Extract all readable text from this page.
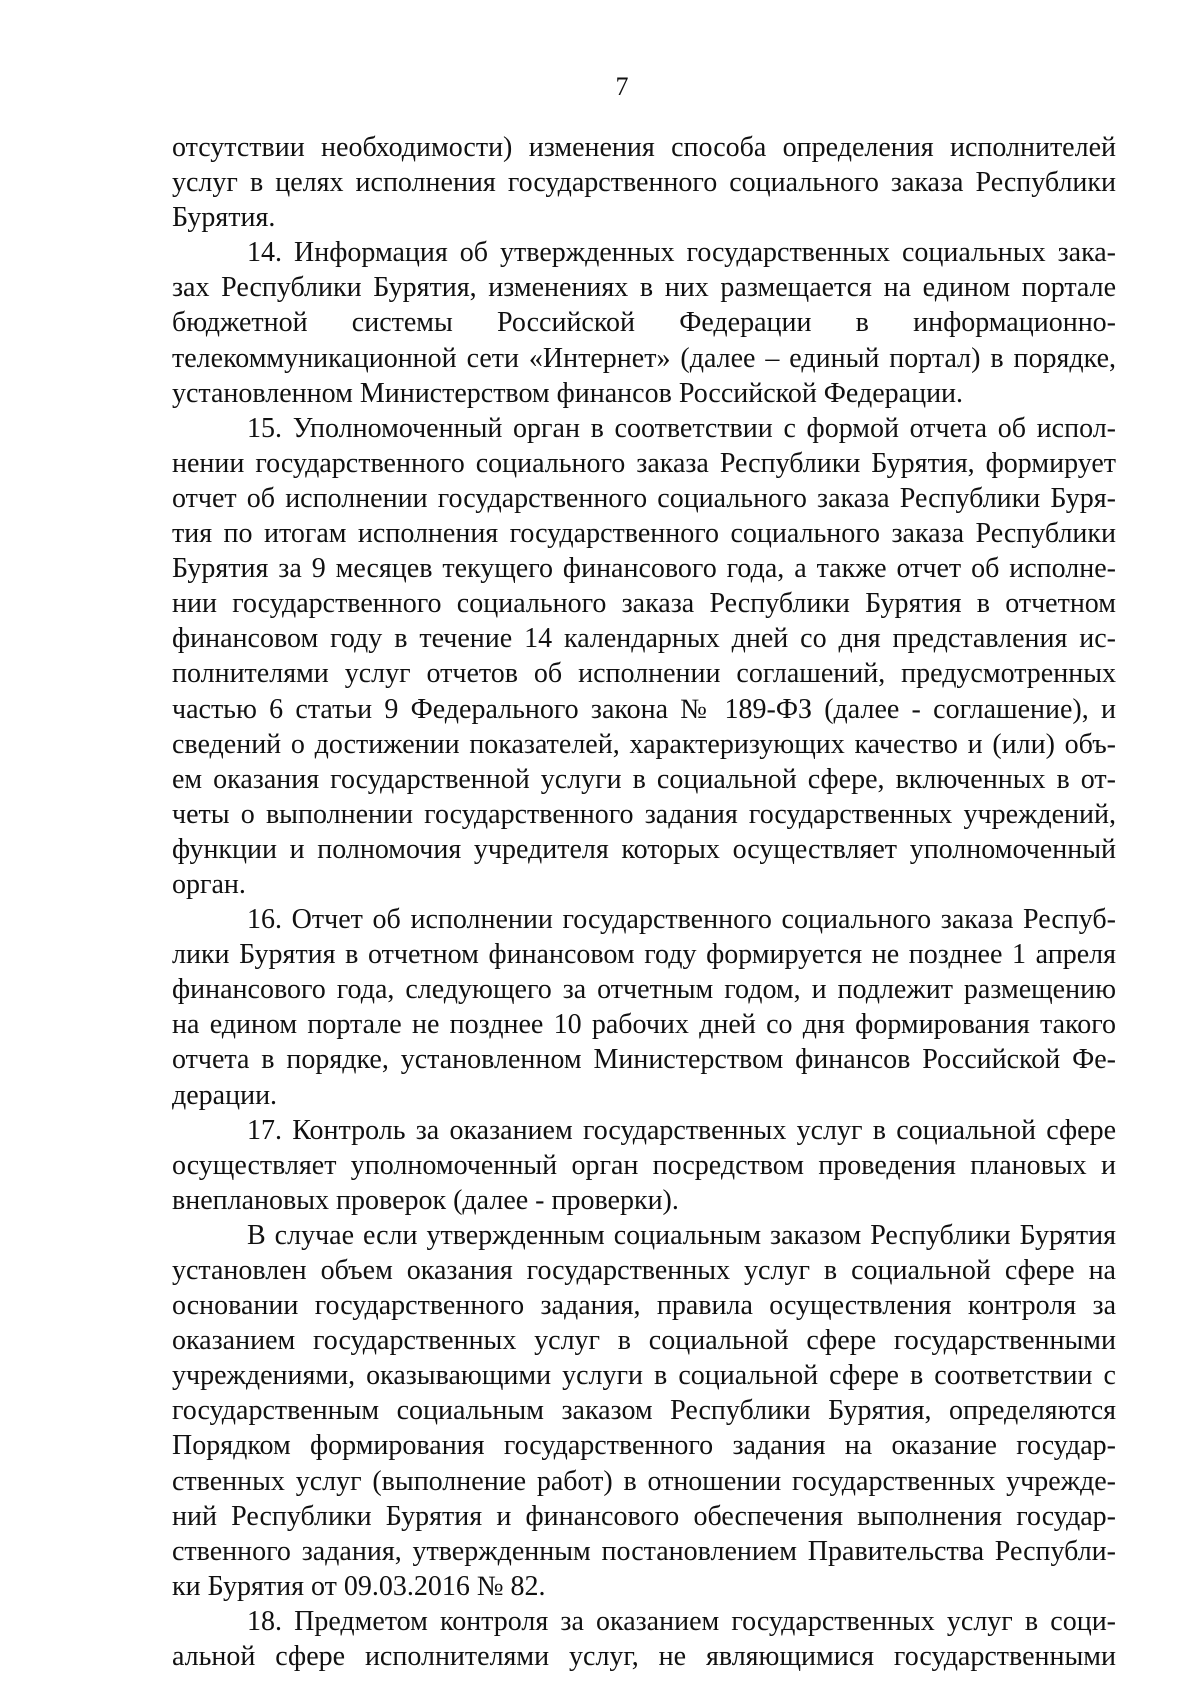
7
отсутствии необходимости) изменения способа определения исполнителей
услуг в целях исполнения государственного социального заказа Республики
Бурятия.
14. Информация об утвержденных государственных социальных зака-
зах Республики Бурятия, изменениях в них размещается на едином портале
бюджетной системы Российской Федерации в информационно-
телекоммуникационной сети «Интернет» (далее – единый портал) в порядке,
установленном Министерством финансов Российской Федерации.
15. Уполномоченный орган в соответствии с формой отчета об испол-
нении государственного социального заказа Республики Бурятия, формирует
отчет об исполнении государственного социального заказа Республики Буря-
тия по итогам исполнения государственного социального заказа Республики
Бурятия за 9 месяцев текущего финансового года, а также отчет об исполне-
нии государственного социального заказа Республики Бурятия в отчетном
финансовом году в течение 14 календарных дней со дня представления ис-
полнителями услуг отчетов об исполнении соглашений, предусмотренных
частью 6 статьи 9 Федерального закона № 189-ФЗ (далее - соглашение), и
сведений о достижении показателей, характеризующих качество и (или) объ-
ем оказания государственной услуги в социальной сфере, включенных в от-
четы о выполнении государственного задания государственных учреждений,
функции и полномочия учредителя которых осуществляет уполномоченный
орган.
16. Отчет об исполнении государственного социального заказа Респуб-
лики Бурятия в отчетном финансовом году формируется не позднее 1 апреля
финансового года, следующего за отчетным годом, и подлежит размещению
на едином портале не позднее 10 рабочих дней со дня формирования такого
отчета в порядке, установленном Министерством финансов Российской Фе-
дерации.
17. Контроль за оказанием государственных услуг в социальной сфере
осуществляет уполномоченный орган посредством проведения плановых и
внеплановых проверок (далее - проверки).
В случае если утвержденным социальным заказом Республики Бурятия
установлен объем оказания государственных услуг в социальной сфере на
основании государственного задания, правила осуществления контроля за
оказанием государственных услуг в социальной сфере государственными
учреждениями, оказывающими услуги в социальной сфере в соответствии с
государственным социальным заказом Республики Бурятия, определяются
Порядком формирования государственного задания на оказание государ-
ственных услуг (выполнение работ) в отношении государственных учрежде-
ний Республики Бурятия и финансового обеспечения выполнения государ-
ственного задания, утвержденным постановлением Правительства Республи-
ки Бурятия от 09.03.2016 № 82.
18. Предметом контроля за оказанием государственных услуг в соци-
альной сфере исполнителями услуг, не являющимися государственными
